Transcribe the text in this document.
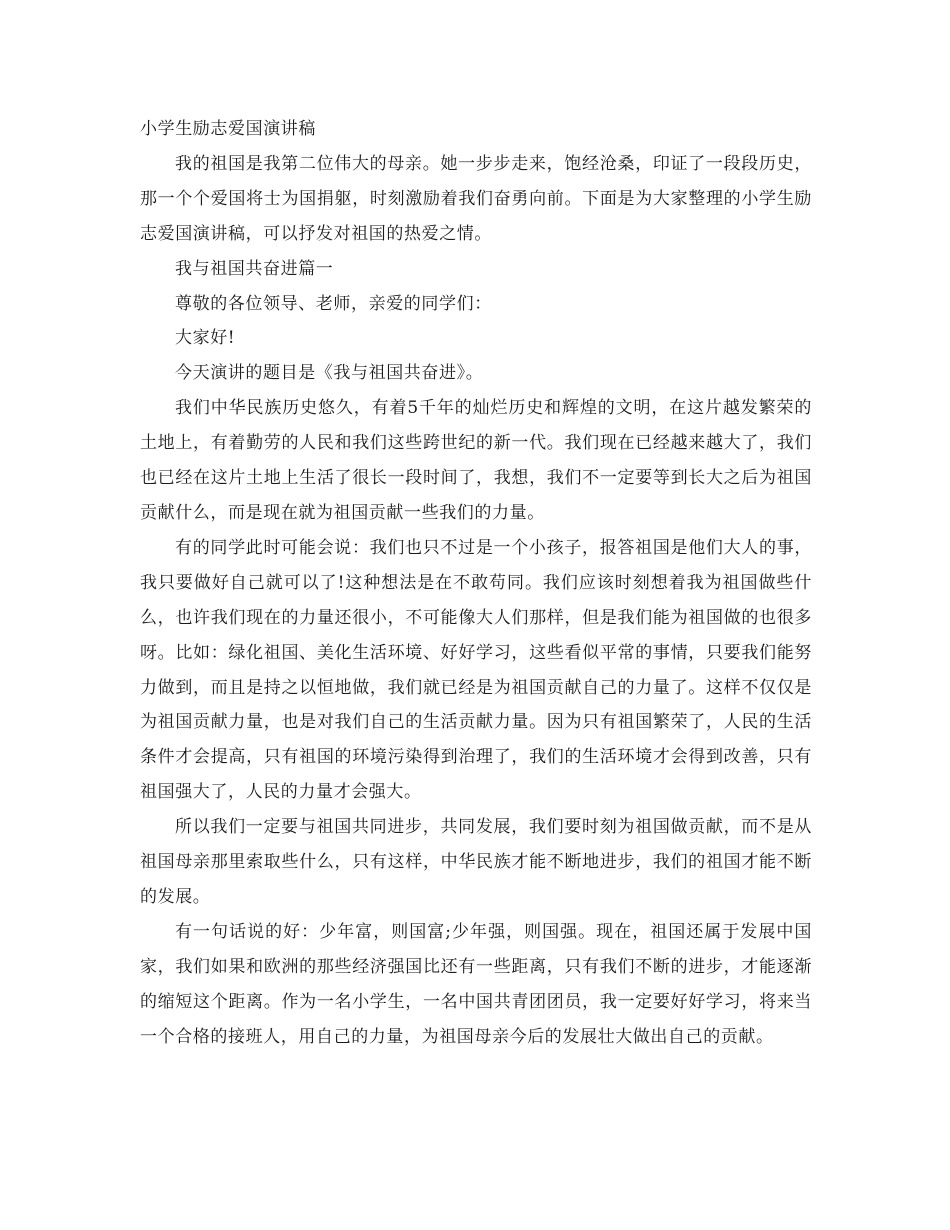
小学生励志爱国演讲稿

我的祖国是我第二位伟大的母亲。她一步步走来，饱经沧桑，印证了一段段历史，那一个个爱国将士为国捐躯，时刻激励着我们奋勇向前。下面是为大家整理的小学生励志爱国演讲稿，可以抒发对祖国的热爱之情。

我与祖国共奋进篇一

尊敬的各位领导、老师，亲爱的同学们：

大家好!

今天演讲的题目是《我与祖国共奋进》。

我们中华民族历史悠久，有着5千年的灿烂历史和辉煌的文明，在这片越发繁荣的土地上，有着勤劳的人民和我们这些跨世纪的新一代。我们现在已经越来越大了，我们也已经在这片土地上生活了很长一段时间了，我想，我们不一定要等到长大之后为祖国贡献什么，而是现在就为祖国贡献一些我们的力量。

有的同学此时可能会说：我们也只不过是一个小孩子，报答祖国是他们大人的事，我只要做好自己就可以了!这种想法是在不敢苟同。我们应该时刻想着我为祖国做些什么，也许我们现在的力量还很小，不可能像大人们那样，但是我们能为祖国做的也很多呀。比如：绿化祖国、美化生活环境、好好学习，这些看似平常的事情，只要我们能努力做到，而且是持之以恒地做，我们就已经是为祖国贡献自己的力量了。这样不仅仅是为祖国贡献力量，也是对我们自己的生活贡献力量。因为只有祖国繁荣了，人民的生活条件才会提高，只有祖国的环境污染得到治理了，我们的生活环境才会得到改善，只有祖国强大了，人民的力量才会强大。

所以我们一定要与祖国共同进步，共同发展，我们要时刻为祖国做贡献，而不是从祖国母亲那里索取些什么，只有这样，中华民族才能不断地进步，我们的祖国才能不断的发展。

有一句话说的好：少年富，则国富;少年强，则国强。现在，祖国还属于发展中国家，我们如果和欧洲的那些经济强国比还有一些距离，只有我们不断的进步，才能逐渐的缩短这个距离。作为一名小学生，一名中国共青团团员，我一定要好好学习，将来当一个合格的接班人，用自己的力量，为祖国母亲今后的发展壮大做出自己的贡献。
